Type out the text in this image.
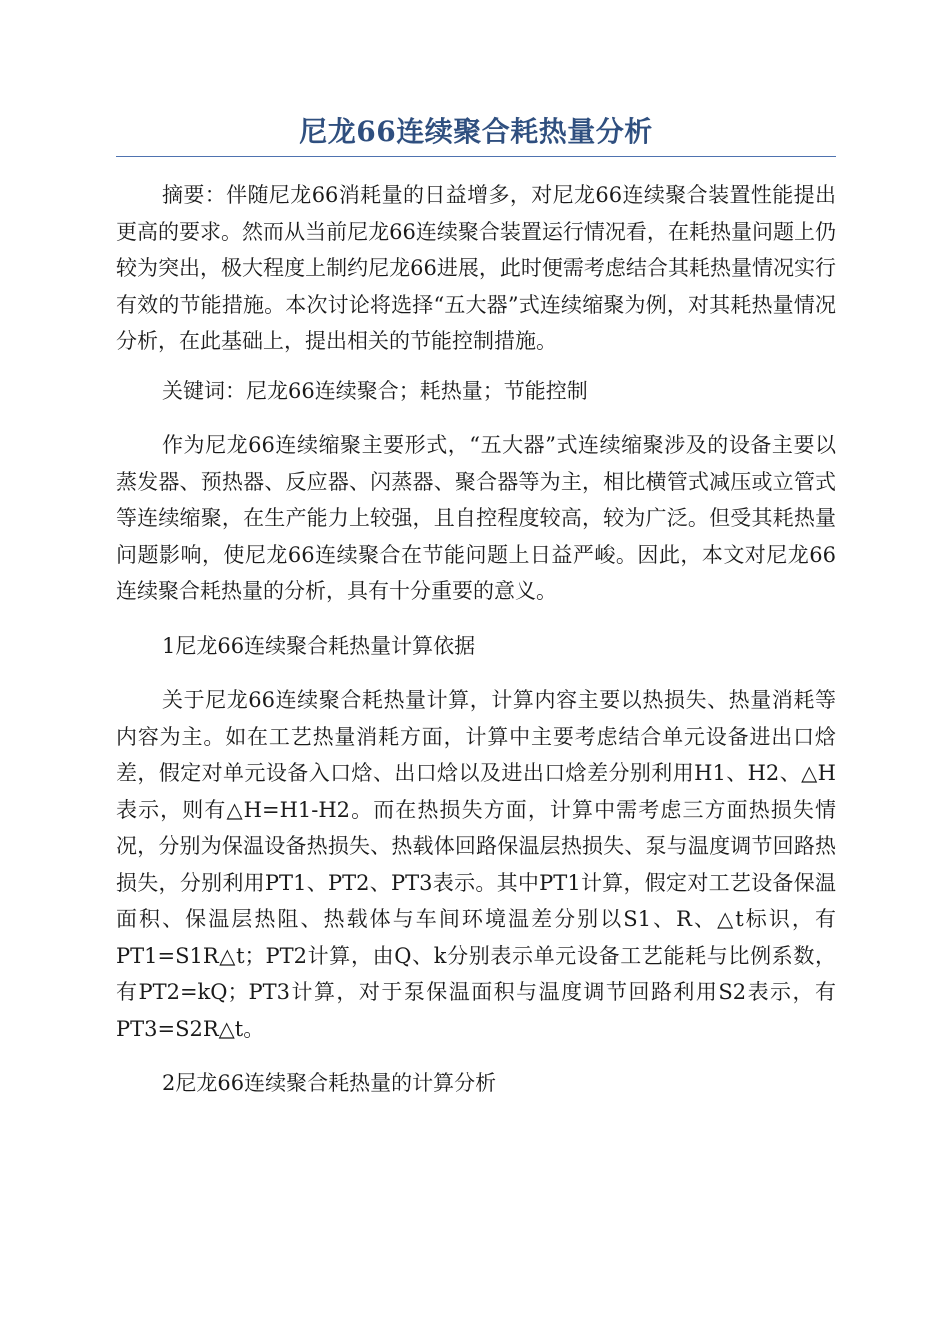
尼龙66连续聚合耗热量分析

摘要：伴随尼龙66消耗量的日益增多，对尼龙66连续聚合装置性能提出更高的要求。然而从当前尼龙66连续聚合装置运行情况看，在耗热量问题上仍较为突出，极大程度上制约尼龙66进展，此时便需考虑结合其耗热量情况实行有效的节能措施。本次讨论将选择“五大器”式连续缩聚为例，对其耗热量情况分析，在此基础上，提出相关的节能控制措施。

关键词：尼龙66连续聚合；耗热量；节能控制

作为尼龙66连续缩聚主要形式，“五大器”式连续缩聚涉及的设备主要以蒸发器、预热器、反应器、闪蒸器、聚合器等为主，相比横管式减压或立管式等连续缩聚，在生产能力上较强，且自控程度较高，较为广泛。但受其耗热量问题影响，使尼龙66连续聚合在节能问题上日益严峻。因此，本文对尼龙66连续聚合耗热量的分析，具有十分重要的意义。

1尼龙66连续聚合耗热量计算依据

关于尼龙66连续聚合耗热量计算，计算内容主要以热损失、热量消耗等内容为主。如在工艺热量消耗方面，计算中主要考虑结合单元设备进出口焓差，假定对单元设备入口焓、出口焓以及进出口焓差分别利用H1、H2、△H表示，则有△H=H1-H2。而在热损失方面，计算中需考虑三方面热损失情况，分别为保温设备热损失、热载体回路保温层热损失、泵与温度调节回路热损失，分别利用PT1、PT2、PT3表示。其中PT1计算，假定对工艺设备保温面积、保温层热阻、热载体与车间环境温差分别以S1、R、△t标识，有PT1=S1R△t；PT2计算，由Q、k分别表示单元设备工艺能耗与比例系数，有PT2=kQ；PT3计算，对于泵保温面积与温度调节回路利用S2表示，有PT3=S2R△t。

2尼龙66连续聚合耗热量的计算分析
